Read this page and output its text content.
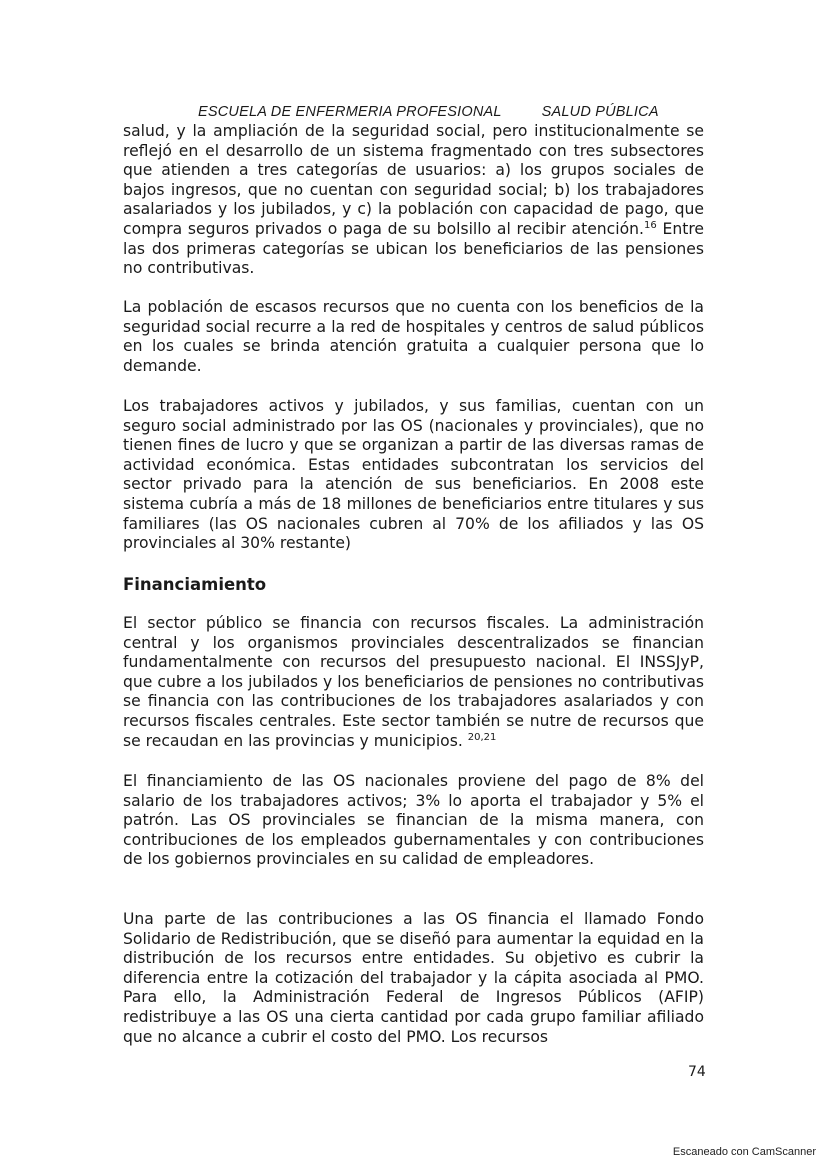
ESCUELA DE ENFERMERIA PROFESIONAL	SALUD PÚBLICA

salud, y la ampliación de la seguridad social, pero institucionalmente se reflejó en el desarrollo de un sistema fragmentado con tres subsectores que atienden a tres categorías de usuarios: a) los grupos sociales de bajos ingresos, que no cuentan con seguridad social; b) los trabajadores asalariados y los jubilados, y c) la población con capacidad de pago, que compra seguros privados o paga de su bolsillo al recibir atención.$^{16}$ Entre las dos primeras categorías se ubican los beneficiarios de las pensiones no contributivas.

La población de escasos recursos que no cuenta con los beneficios de la seguridad social recurre a la red de hospitales y centros de salud públicos en los cuales se brinda atención gratuita a cualquier persona que lo demande.

Los trabajadores activos y jubilados, y sus familias, cuentan con un seguro social administrado por las OS (nacionales y provinciales), que no tienen fines de lucro y que se organizan a partir de las diversas ramas de actividad económica. Estas entidades subcontratan los servicios del sector privado para la atención de sus beneficiarios. En 2008 este sistema cubría a más de 18 millones de beneficiarios entre titulares y sus familiares (las OS nacionales cubren al 70% de los afiliados y las OS provinciales al 30% restante)

Financiamiento

El sector público se financia con recursos fiscales. La administración central y los organismos provinciales descentralizados se financian fundamentalmente con recursos del presupuesto nacional. El INSSJyP, que cubre a los jubilados y los beneficiarios de pensiones no contributivas se financia con las contribuciones de los trabajadores asalariados y con recursos fiscales centrales. Este sector también se nutre de recursos que se recaudan en las provincias y municipios. $^{20,21}$

El financiamiento de las OS nacionales proviene del pago de 8% del salario de los trabajadores activos; 3% lo aporta el trabajador y 5% el patrón. Las OS provinciales se financian de la misma manera, con contribuciones de los empleados gubernamentales y con contribuciones de los gobiernos provinciales en su calidad de empleadores.

Una parte de las contribuciones a las OS financia el llamado Fondo Solidario de Redistribución, que se diseñó para aumentar la equidad en la distribución de los recursos entre entidades. Su objetivo es cubrir la diferencia entre la cotización del trabajador y la cápita asociada al PMO. Para ello, la Administración Federal de Ingresos Públicos (AFIP) redistribuye a las OS una cierta cantidad por cada grupo familiar afiliado que no alcance a cubrir el costo del PMO. Los recursos

74
Escaneado con CamScanner
